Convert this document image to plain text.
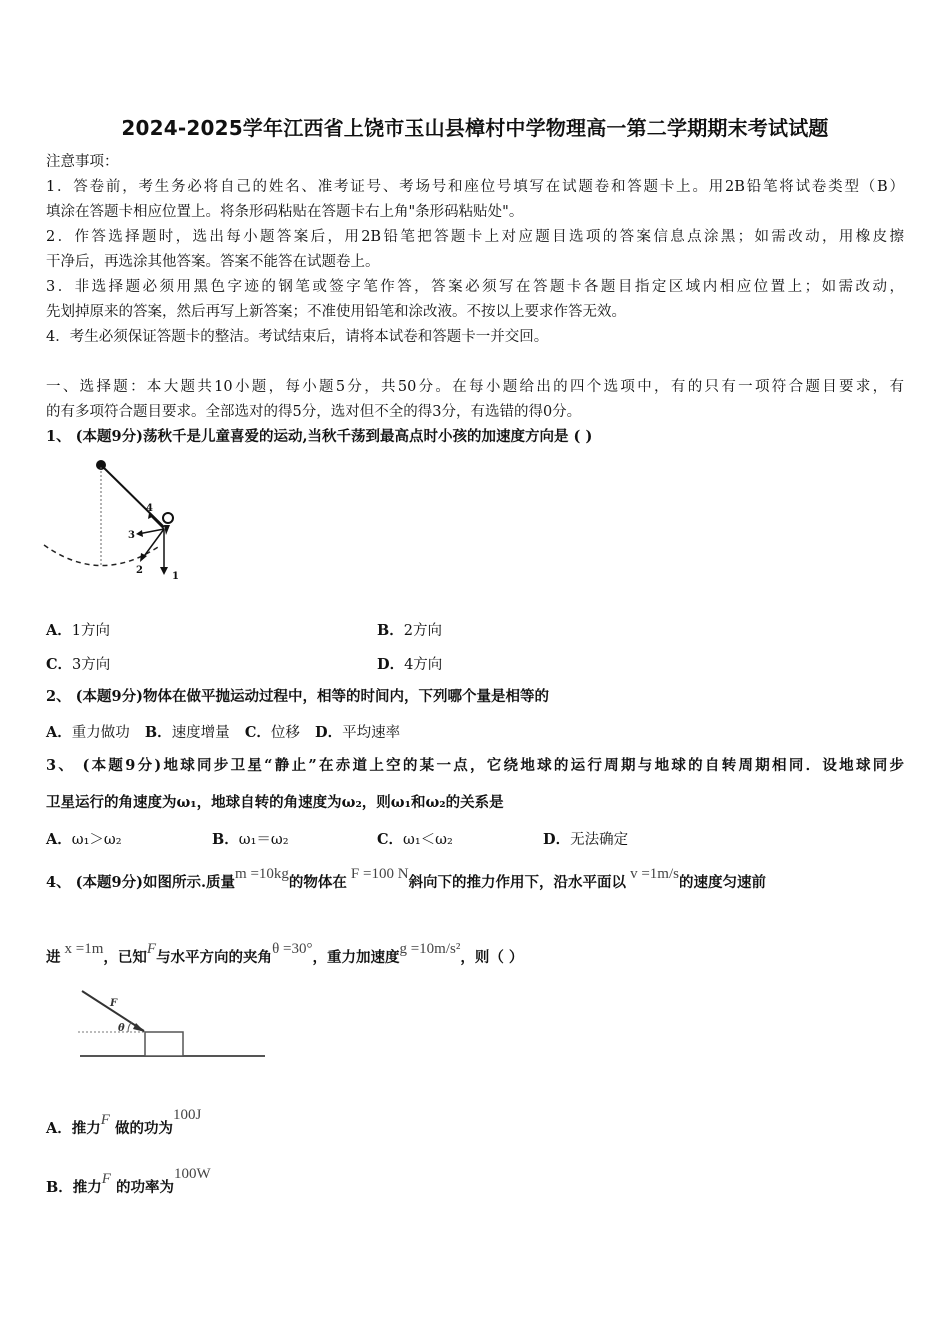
2024-2025学年江西省上饶市玉山县樟村中学物理高一第二学期期末考试试题
注意事项：
1．答卷前，考生务必将自己的姓名、准考证号、考场号和座位号填写在试题卷和答题卡上。用2B铅笔将试卷类型（B）
填涂在答题卡相应位置上。将条形码粘贴在答题卡右上角"条形码粘贴处"。
2．作答选择题时，选出每小题答案后，用2B铅笔把答题卡上对应题目选项的答案信息点涂黑；如需改动，用橡皮擦
干净后，再选涂其他答案。答案不能答在试题卷上。
3．非选择题必须用黑色字迹的钢笔或签字笔作答，答案必须写在答题卡各题目指定区域内相应位置上；如需改动，
先划掉原来的答案，然后再写上新答案；不准使用铅笔和涂改液。不按以上要求作答无效。
4．考生必须保证答题卡的整洁。考试结束后，请将本试卷和答题卡一并交回。
一、选择题：本大题共10小题，每小题5分，共50分。在每小题给出的四个选项中，有的只有一项符合题目要求，有
的有多项符合题目要求。全部选对的得5分，选对但不全的得3分，有选错的得0分。
1、 (本题9分)荡秋千是儿童喜爱的运动,当秋千荡到最高点时小孩的加速度方向是 ( )
4
3
2
1
A．1方向	B．2方向
C．3方向	D．4方向
2、 (本题9分)物体在做平抛运动过程中，相等的时间内，下列哪个量是相等的
A．重力做功 B．速度增量 C．位移 D．平均速率
3、 (本题9分)地球同步卫星“静止”在赤道上空的某一点，它绕地球的运行周期与地球的自转周期相同．设地球同步
卫星运行的角速度为ω₁，地球自转的角速度为ω₂，则ω₁和ω₂的关系是
A．ω₁＞ω₂	B．ω₁＝ω₂	C．ω₁＜ω₂	D．无法确定
4、 (本题9分)如图所示.质量m =10kg的物体在 F =100 N斜向下的推力作用下，沿水平面以 v =1m/s的速度匀速前
进 x =1m，已知F与水平方向的夹角θ =30°，重力加速度g =10m/s²，则（ ）
F
θ
A．推力F 做的功为100J
B．推力F 的功率为100W
